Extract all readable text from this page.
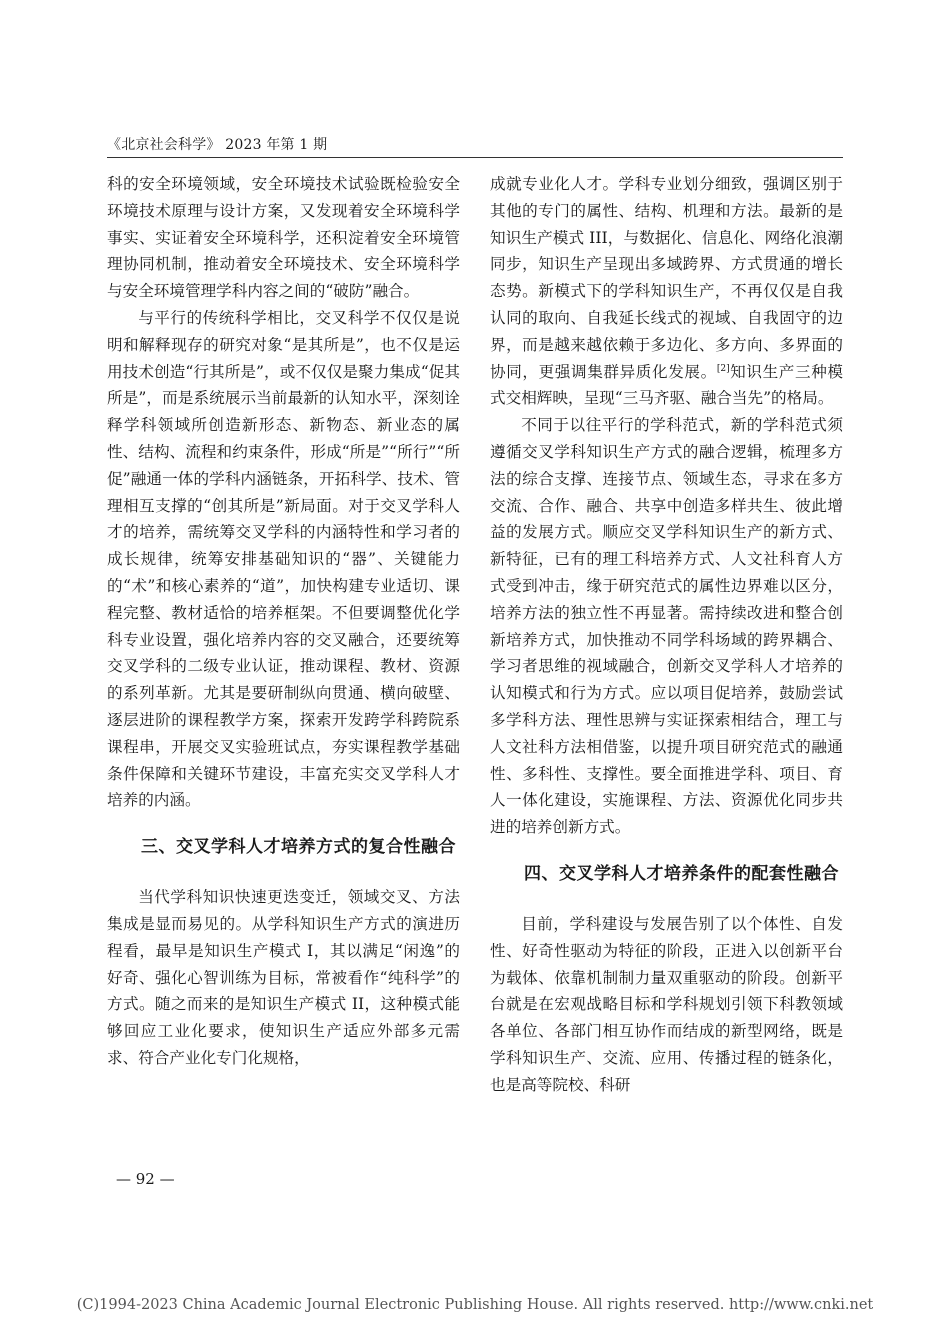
《北京社会科学》 2023 年第 1 期

科的安全环境领域，安全环境技术试验既检验安全环境技术原理与设计方案，又发现着安全环境科学事实、实证着安全环境科学，还积淀着安全环境管理协同机制，推动着安全环境技术、安全环境科学与安全环境管理学科内容之间的“破防”融合。

与平行的传统科学相比，交叉科学不仅仅是说明和解释现存的研究对象“是其所是”，也不仅是运用技术创造“行其所是”，或不仅仅是聚力集成“促其所是”，而是系统展示当前最新的认知水平，深刻诠释学科领域所创造新形态、新物态、新业态的属性、结构、流程和约束条件，形成“所是”“所行”“所促”融通一体的学科内涵链条，开拓科学、技术、管理相互支撑的“创其所是”新局面。对于交叉学科人才的培养，需统筹交叉学科的内涵特性和学习者的成长规律，统筹安排基础知识的“器”、关键能力的“术”和核心素养的“道”，加快构建专业适切、课程完整、教材适恰的培养框架。不但要调整优化学科专业设置，强化培养内容的交叉融合，还要统筹交叉学科的二级专业认证，推动课程、教材、资源的系列革新。尤其是要研制纵向贯通、横向破壁、逐层进阶的课程教学方案，探索开发跨学科跨院系课程串，开展交叉实验班试点，夯实课程教学基础条件保障和关键环节建设，丰富充实交叉学科人才培养的内涵。

三、交叉学科人才培养方式的复合性融合

当代学科知识快速更迭变迁，领域交叉、方法集成是显而易见的。从学科知识生产方式的演进历程看，最早是知识生产模式 I，其以满足“闲逸”的好奇、强化心智训练为目标，常被看作“纯科学”的方式。随之而来的是知识生产模式 II，这种模式能够回应工业化要求，使知识生产适应外部多元需求、符合产业化专门化规格，

成就专业化人才。学科专业划分细致，强调区别于其他的专门的属性、结构、机理和方法。最新的是知识生产模式 III，与数据化、信息化、网络化浪潮同步，知识生产呈现出多域跨界、方式贯通的增长态势。新模式下的学科知识生产，不再仅仅是自我认同的取向、自我延长线式的视域、自我固守的边界，而是越来越依赖于多边化、多方向、多界面的协同，更强调集群异质化发展。[2]知识生产三种模式交相辉映，呈现“三马齐驱、融合当先”的格局。

不同于以往平行的学科范式，新的学科范式须遵循交叉学科知识生产方式的融合逻辑，梳理多方法的综合支撑、连接节点、领域生态，寻求在多方交流、合作、融合、共享中创造多样共生、彼此增益的发展方式。顺应交叉学科知识生产的新方式、新特征，已有的理工科培养方式、人文社科育人方式受到冲击，缘于研究范式的属性边界难以区分，培养方法的独立性不再显著。需持续改进和整合创新培养方式，加快推动不同学科场域的跨界耦合、学习者思维的视域融合，创新交叉学科人才培养的认知模式和行为方式。应以项目促培养，鼓励尝试多学科方法、理性思辨与实证探索相结合，理工与人文社科方法相借鉴，以提升项目研究范式的融通性、多科性、支撑性。要全面推进学科、项目、育人一体化建设，实施课程、方法、资源优化同步共进的培养创新方式。

四、交叉学科人才培养条件的配套性融合

目前，学科建设与发展告别了以个体性、自发性、好奇性驱动为特征的阶段，正进入以创新平台为载体、依靠机制制力量双重驱动的阶段。创新平台就是在宏观战略目标和学科规划引领下科教领域各单位、各部门相互协作而结成的新型网络，既是学科知识生产、交流、应用、传播过程的链条化，也是高等院校、科研

— 92 —
(C)1994-2023 China Academic Journal Electronic Publishing House. All rights reserved. http://www.cnki.net
